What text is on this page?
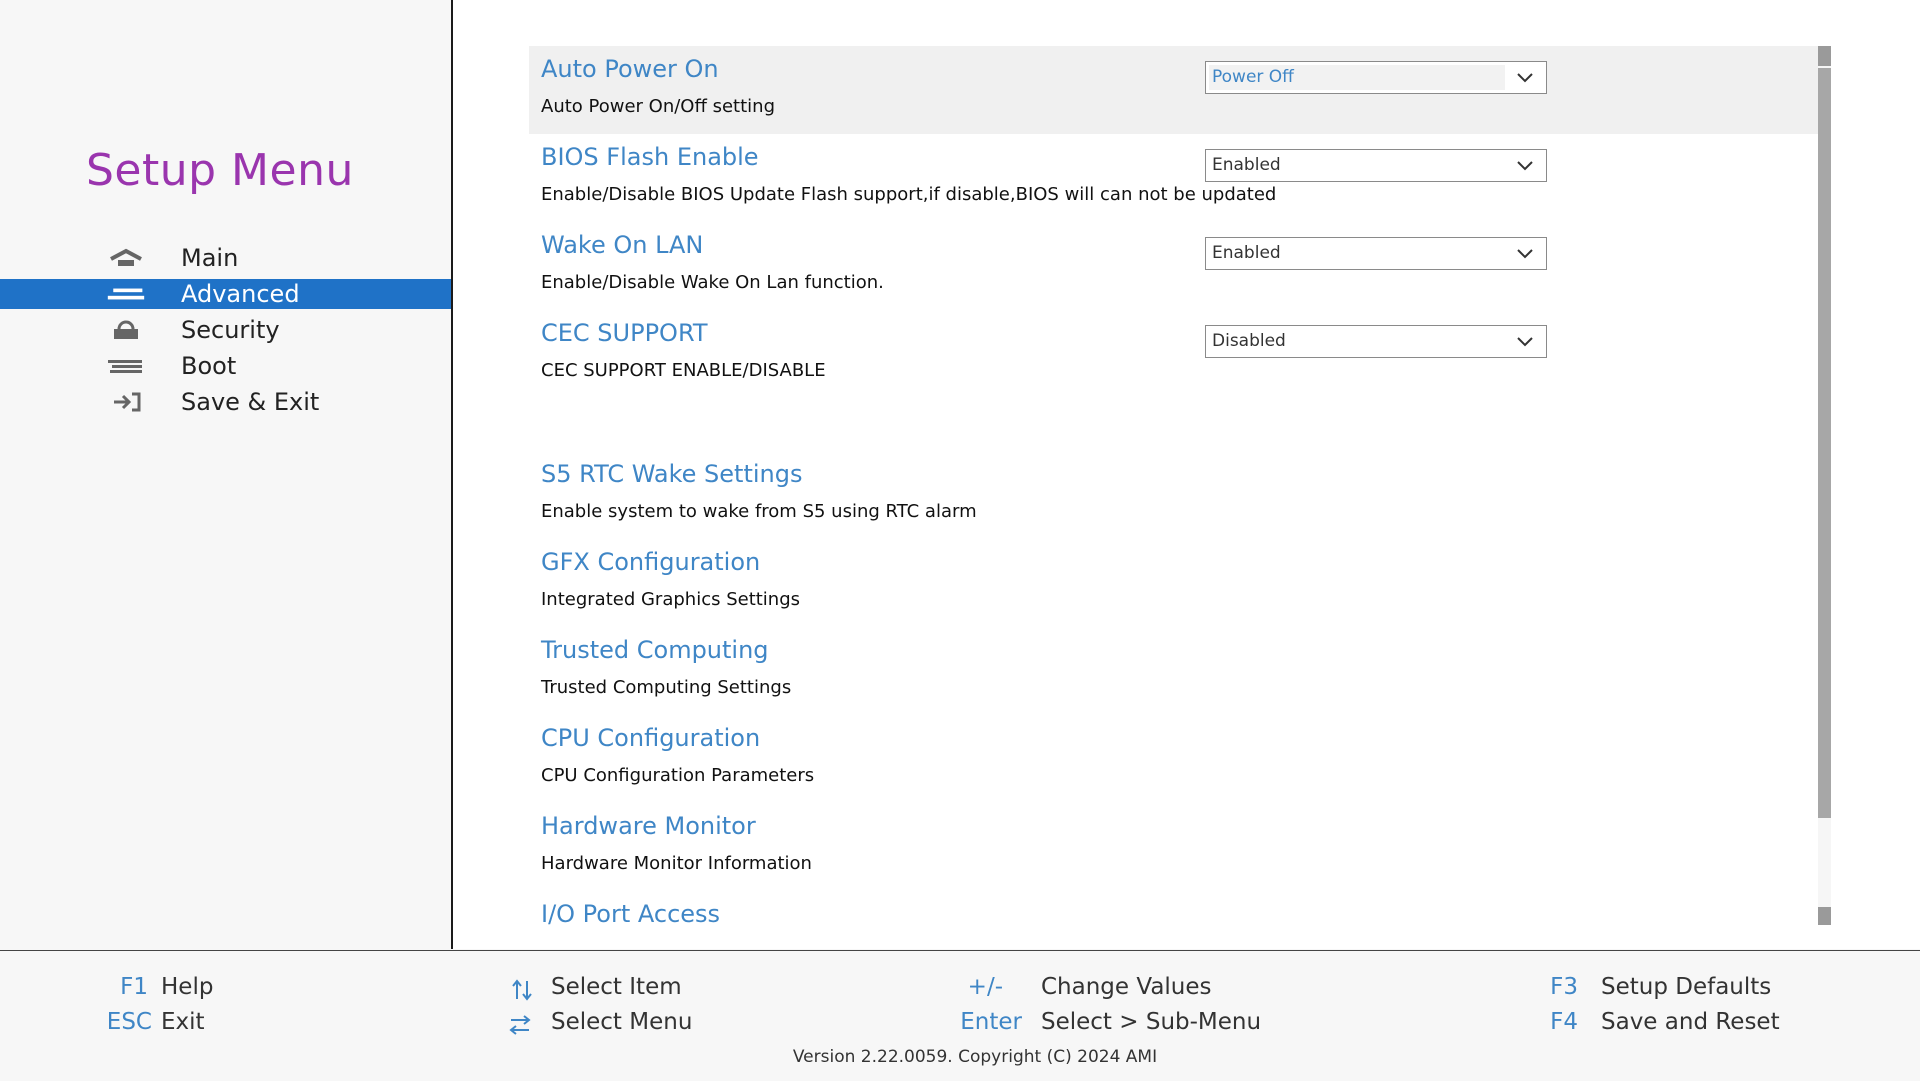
Setup Menu
Main
Advanced
Security
Boot
Save & Exit
Auto Power On
Auto Power On/Off setting
Power Off
BIOS Flash Enable
Enable/Disable BIOS Update Flash support,if disable,BIOS will can not be updated
Enabled
Wake On LAN
Enable/Disable Wake On Lan function.
Enabled
CEC SUPPORT
CEC SUPPORT ENABLE/DISABLE
Disabled
S5 RTC Wake Settings
Enable system to wake from S5 using RTC alarm
GFX Configuration
Integrated Graphics Settings
Trusted Computing
Trusted Computing Settings
CPU Configuration
CPU Configuration Parameters
Hardware Monitor
Hardware Monitor Information
I/O Port Access
F1 Help
ESC Exit
Select Item
Select Menu
+/- Change Values
Enter Select > Sub-Menu
F3 Setup Defaults
F4 Save and Reset
Version 2.22.0059. Copyright (C) 2024 AMI
